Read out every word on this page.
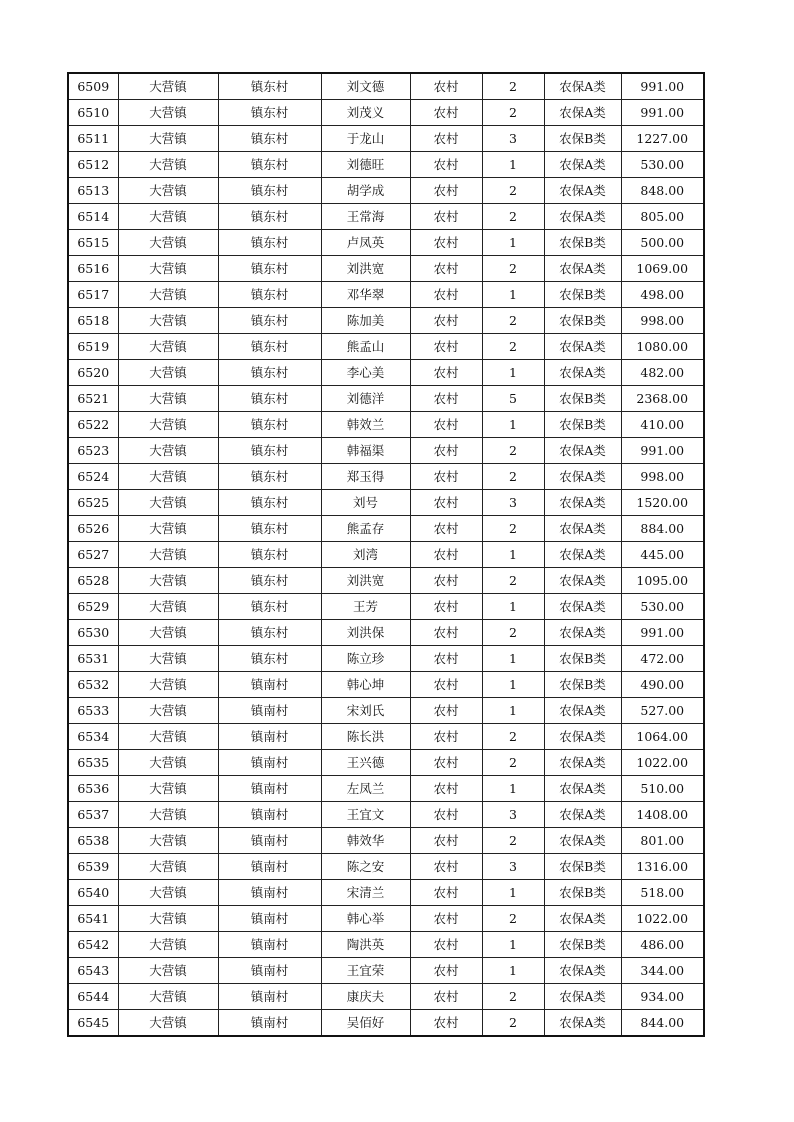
6509	大营镇	镇东村	刘文德	农村	2	农保A类	991.00
6510	大营镇	镇东村	刘茂义	农村	2	农保A类	991.00
6511	大营镇	镇东村	于龙山	农村	3	农保B类	1227.00
6512	大营镇	镇东村	刘德旺	农村	1	农保A类	530.00
6513	大营镇	镇东村	胡学成	农村	2	农保A类	848.00
6514	大营镇	镇东村	王常海	农村	2	农保A类	805.00
6515	大营镇	镇东村	卢凤英	农村	1	农保B类	500.00
6516	大营镇	镇东村	刘洪宽	农村	2	农保A类	1069.00
6517	大营镇	镇东村	邓华翠	农村	1	农保B类	498.00
6518	大营镇	镇东村	陈加美	农村	2	农保B类	998.00
6519	大营镇	镇东村	熊孟山	农村	2	农保A类	1080.00
6520	大营镇	镇东村	李心美	农村	1	农保A类	482.00
6521	大营镇	镇东村	刘德洋	农村	5	农保B类	2368.00
6522	大营镇	镇东村	韩效兰	农村	1	农保B类	410.00
6523	大营镇	镇东村	韩福渠	农村	2	农保A类	991.00
6524	大营镇	镇东村	郑玉得	农村	2	农保A类	998.00
6525	大营镇	镇东村	刘号	农村	3	农保A类	1520.00
6526	大营镇	镇东村	熊孟存	农村	2	农保A类	884.00
6527	大营镇	镇东村	刘湾	农村	1	农保A类	445.00
6528	大营镇	镇东村	刘洪宽	农村	2	农保A类	1095.00
6529	大营镇	镇东村	王芳	农村	1	农保A类	530.00
6530	大营镇	镇东村	刘洪保	农村	2	农保A类	991.00
6531	大营镇	镇东村	陈立珍	农村	1	农保B类	472.00
6532	大营镇	镇南村	韩心坤	农村	1	农保B类	490.00
6533	大营镇	镇南村	宋刘氏	农村	1	农保A类	527.00
6534	大营镇	镇南村	陈长洪	农村	2	农保A类	1064.00
6535	大营镇	镇南村	王兴德	农村	2	农保A类	1022.00
6536	大营镇	镇南村	左凤兰	农村	1	农保A类	510.00
6537	大营镇	镇南村	王宜文	农村	3	农保A类	1408.00
6538	大营镇	镇南村	韩效华	农村	2	农保A类	801.00
6539	大营镇	镇南村	陈之安	农村	3	农保B类	1316.00
6540	大营镇	镇南村	宋清兰	农村	1	农保B类	518.00
6541	大营镇	镇南村	韩心举	农村	2	农保A类	1022.00
6542	大营镇	镇南村	陶洪英	农村	1	农保B类	486.00
6543	大营镇	镇南村	王宜荣	农村	1	农保A类	344.00
6544	大营镇	镇南村	康庆夫	农村	2	农保A类	934.00
6545	大营镇	镇南村	吴佰好	农村	2	农保A类	844.00
